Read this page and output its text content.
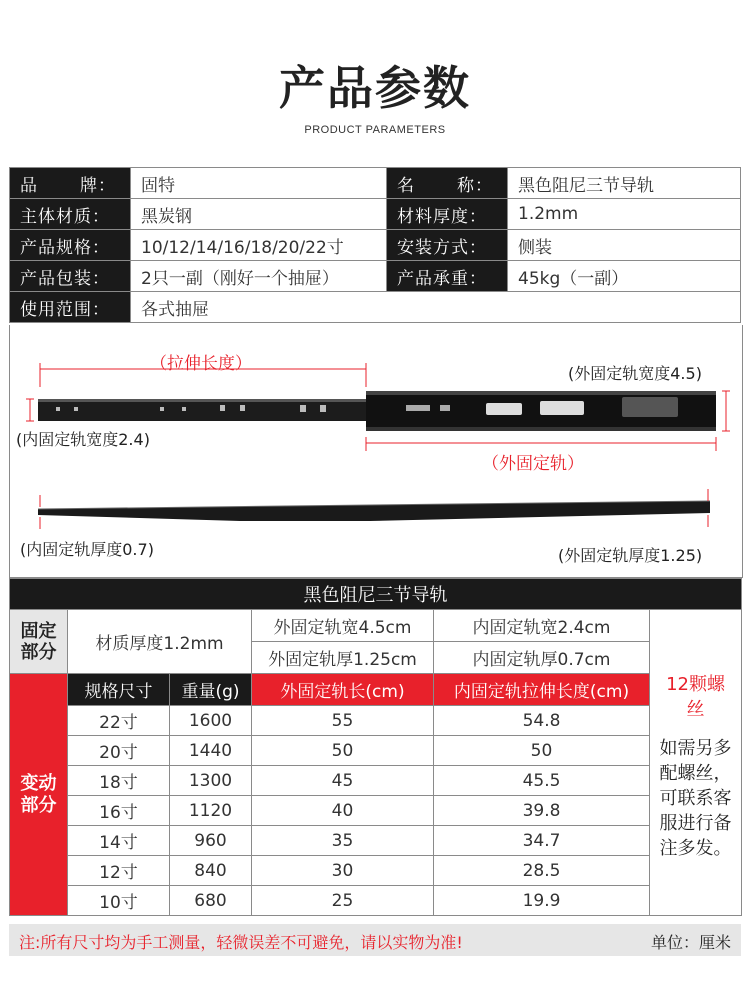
产品参数
PRODUCT PARAMETERS
品 牌：	固特	名 称：	黑色阻尼三节导轨
主体材质：	黑炭钢	材料厚度：	1.2mm
产品规格：	10/12/14/16/18/20/22寸	安装方式：	侧装
产品包装：	2只一副（刚好一个抽屉）	产品承重：	45kg（一副）
使用范围：	各式抽屉		
（拉伸长度）	(外固定轨宽度4.5)
(内固定轨宽度2.4)
（外固定轨）
(内固定轨厚度0.7)	(外固定轨厚度1.25)
黑色阻尼三节导轨					
固定部分	材质厚度1.2mm		外固定轨宽4.5cm	内固定轨宽2.4cm	12颗螺丝
如需另多配螺丝，可联系客服进行备注多发。

			外固定轨厚1.25cm	内固定轨厚0.7cm	
变动部分	规格尺寸	重量(g)	外固定轨长(cm)	内固定轨拉伸长度(cm)	
	22寸	1600	55	54.8	
	20寸	1440	50	50	
	18寸	1300	45	45.5	
	16寸	1120	40	39.8	
	14寸	960	35	34.7	
	12寸	840	30	28.5	
	10寸	680	25	19.9	
注:所有尺寸均为手工测量，轻微误差不可避免，请以实物为准!	单位：厘米
